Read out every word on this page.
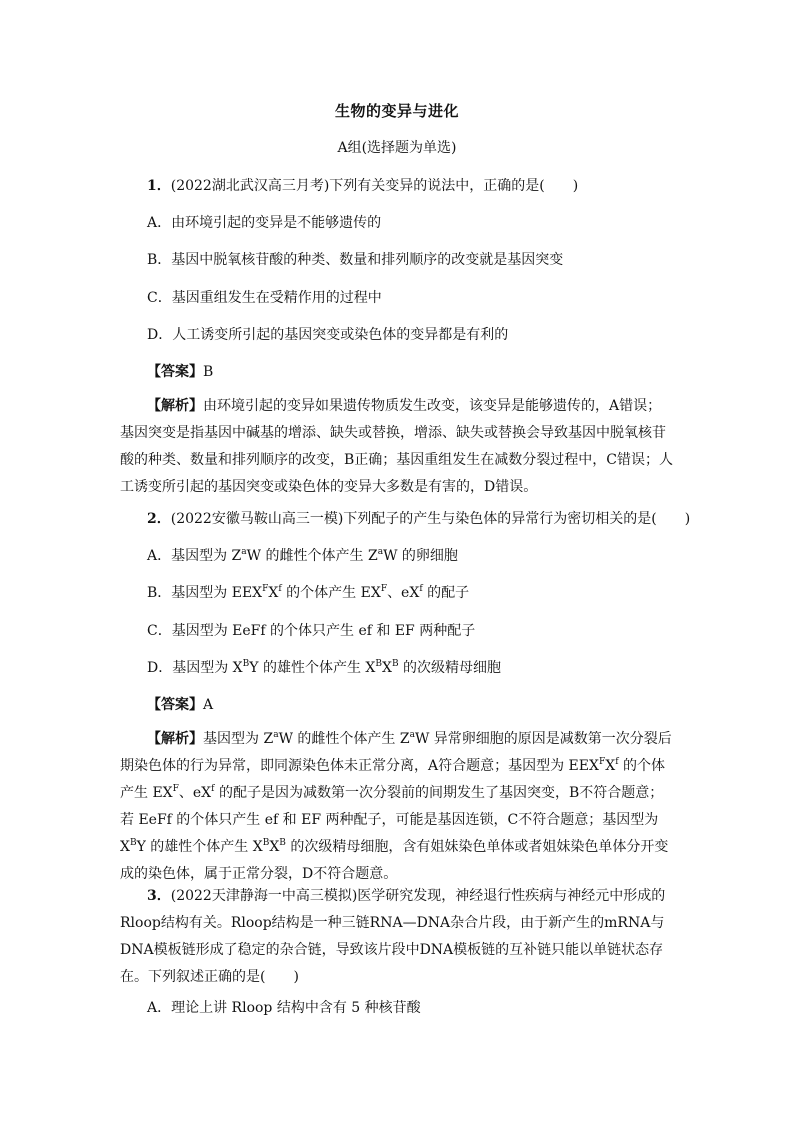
生物的变异与进化
A组(选择题为单选)
1．(2022湖北武汉高三月考)下列有关变异的说法中，正确的是(　　)
A．由环境引起的变异是不能够遗传的
B．基因中脱氧核苷酸的种类、数量和排列顺序的改变就是基因突变
C．基因重组发生在受精作用的过程中
D．人工诱变所引起的基因突变或染色体的变异都是有利的
【答案】B
【解析】由环境引起的变异如果遗传物质发生改变，该变异是能够遗传的，A错误；基因突变是指基因中碱基的增添、缺失或替换，增添、缺失或替换会导致基因中脱氧核苷酸的种类、数量和排列顺序的改变，B正确；基因重组发生在减数分裂过程中，C错误；人工诱变所引起的基因突变或染色体的变异大多数是有害的，D错误。
2．(2022安徽马鞍山高三一模)下列配子的产生与染色体的异常行为密切相关的是(　　)
A．基因型为 $Z^aW$ 的雌性个体产生 $Z^aW$ 的卵细胞
B．基因型为 $EEX^FX^f$ 的个体产生 $EX^F$、$eX^f$ 的配子
C．基因型为 EeFf 的个体只产生 ef 和 EF 两种配子
D．基因型为 $X^BY$ 的雄性个体产生 $X^BX^B$ 的次级精母细胞
【答案】A
【解析】基因型为 $Z^aW$ 的雌性个体产生 $Z^aW$ 异常卵细胞的原因是减数第一次分裂后期染色体的行为异常，即同源染色体未正常分离，A符合题意；基因型为 $EEX^FX^f$ 的个体产生 $EX^F$、$eX^f$ 的配子是因为减数第一次分裂前的间期发生了基因突变，B不符合题意；若 EeFf 的个体只产生 ef 和 EF 两种配子，可能是基因连锁，C不符合题意；基因型为 $X^BY$ 的雄性个体产生 $X^BX^B$ 的次级精母细胞，含有姐妹染色单体或者姐妹染色单体分开变成的染色体，属于正常分裂，D不符合题意。
3．(2022天津静海一中高三模拟)医学研究发现，神经退行性疾病与神经元中形成的Rloop结构有关。Rloop结构是一种三链RNA—DNA杂合片段，由于新产生的mRNA与DNA模板链形成了稳定的杂合链，导致该片段中DNA模板链的互补链只能以单链状态存在。下列叙述正确的是(　　)
A．理论上讲 Rloop 结构中含有 5 种核苷酸
